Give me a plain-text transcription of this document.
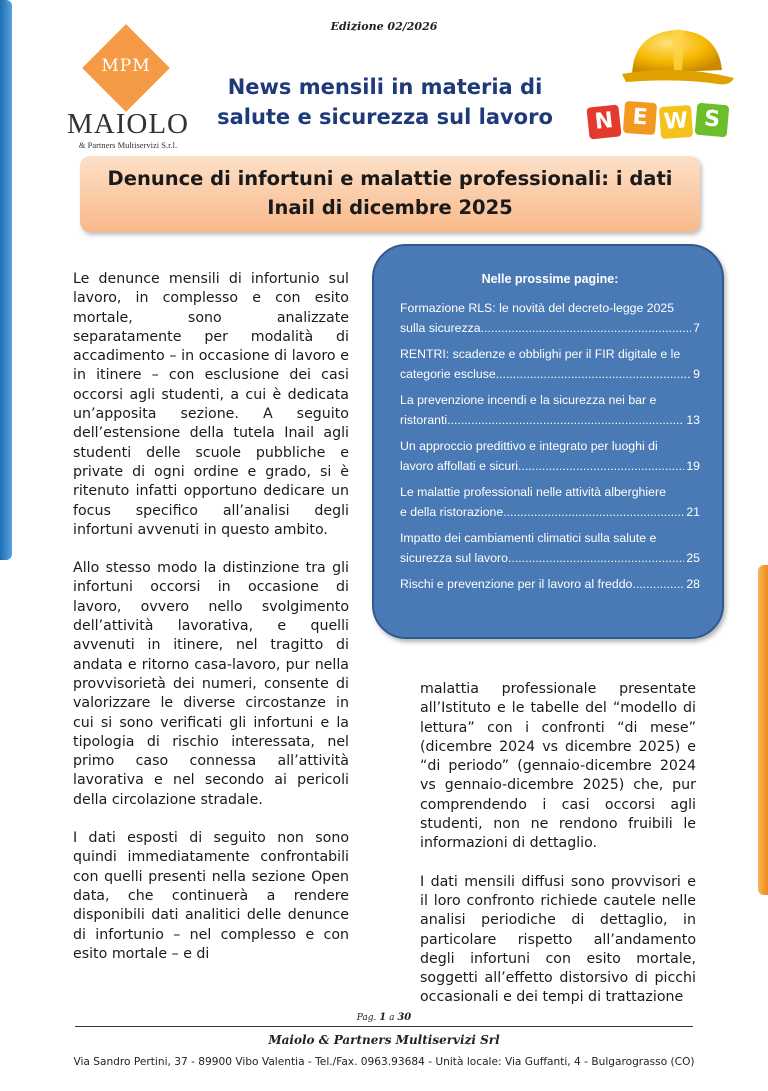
Edizione 02/2026
MPM
MAIOLO
& Partners Multiservizi S.r.l.
News mensili in materia di
salute e sicurezza sul lavoro	N E W S
Denunce di infortuni e malattie professionali: i dati
Inail di dicembre 2025

Le denunce mensili di infortunio sul lavoro, in complesso e con esito mortale, sono analizzate separatamente per modalità di accadimento – in occasione di lavoro e in itinere – con esclusione dei casi occorsi agli studenti, a cui è dedicata un’apposita sezione. A seguito dell’estensione della tutela Inail agli studenti delle scuole pubbliche e private di ogni ordine e grado, si è ritenuto infatti opportuno dedicare un focus specifico all’analisi degli infortuni avvenuti in questo ambito.

Allo stesso modo la distinzione tra gli infortuni occorsi in occasione di lavoro, ovvero nello svolgimento dell’attività lavorativa, e quelli avvenuti in itinere, nel tragitto di andata e ritorno casa-lavoro, pur nella provvisorietà dei numeri, consente di valorizzare le diverse circostanze in cui si sono verificati gli infortuni e la tipologia di rischio interessata, nel primo caso connessa all’attività lavorativa e nel secondo ai pericoli della circolazione stradale.

I dati esposti di seguito non sono quindi immediatamente confrontabili con quelli presenti nella sezione Open data, che continuerà a rendere disponibili dati analitici delle denunce di infortunio – nel complesso e con esito mortale – e di

malattia professionale presentate all’Istituto e le tabelle del “modello di lettura” con i confronti “di mese” (dicembre 2024 vs dicembre 2025) e “di periodo” (gennaio-dicembre 2024 vs gennaio-dicembre 2025) che, pur comprendendo i casi occorsi agli studenti, non ne rendono fruibili le informazioni di dettaglio.

I dati mensili diffusi sono provvisori e il loro confronto richiede cautele nelle analisi periodiche di dettaglio, in particolare rispetto all’andamento degli infortuni con esito mortale, soggetti all’effetto distorsivo di picchi occasionali e dei tempi di trattazione

Nelle prossime pagine:
Formazione RLS: le novità del decreto-legge 2025
sulla sicurezza .....	7
RENTRI: scadenze e obblighi per il FIR digitale e le
categorie escluse .....	9
La prevenzione incendi e la sicurezza nei bar e
ristoranti .....	13
Un approccio predittivo e integrato per luoghi di
lavoro affollati e sicuri .....	19
Le malattie professionali nelle attività alberghiere
e della ristorazione .....	21
Impatto dei cambiamenti climatici sulla salute e
sicurezza sul lavoro .....	25
Rischi e prevenzione per il lavoro al freddo .....	28
Pag. 1 a 30
Maiolo & Partners Multiservizi Srl
Via Sandro Pertini, 37 - 89900 Vibo Valentia - Tel./Fax. 0963.93684 - Unità locale: Via Guffanti, 4 - Bulgarograsso (CO)
